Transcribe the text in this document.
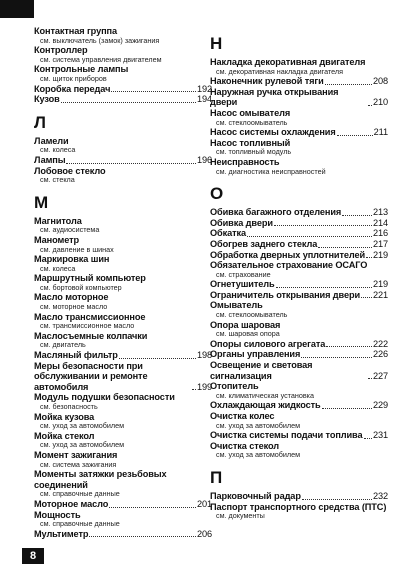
Контактная группа
см. выключатель (замок) зажигания
Контроллер
см. система управления двигателем
Контрольные лампы
см. щиток приборов
Коробка передач	192
Кузов	194
Л
Ламели
см. колеса
Лампы	196
Лобовое стекло
см. стекла
М
Магнитола
см. аудиосистема
Манометр
см. давление в шинах
Маркировка шин
см. колеса
Маршрутный компьютер
см. бортовой компьютер
Масло моторное
см. моторное масло
Масло трансмиссионное
см. трансмиссионное масло
Маслосъемные колпачки
см. двигатель
Масляный фильтр	198
Меры безопасности при обслуживании и ремонте автомобиля	199
Модуль подушки безопасности
см. безопасность
Мойка кузова
см. уход за автомобилем
Мойка стекол
см. уход за автомобилем
Момент зажигания
см. система зажигания
Моменты затяжки резьбовых соединений
см. справочные данные
Моторное масло	201
Мощность
см. справочные данные
Мультиметр	206
Н
Накладка декоративная двигателя
см. декоративная накладка двигателя
Наконечник рулевой тяги	208
Наружная ручка открывания двери	210
Насос омывателя
см. стеклоомыватель
Насос системы охлаждения	211
Насос топливный
см. топливный модуль
Неисправность
см. диагностика неисправностей
О
Обивка багажного отделения	213
Обивка двери	214
Обкатка	216
Обогрев заднего стекла	217
Обработка дверных уплотнителей 219
Обязательное страхование ОСАГО
см. страхование
Огнетушитель	219
Ограничитель открывания двери 221
Омыватель
см. стеклоомыватель
Опора шаровая
см. шаровая опора
Опоры силового агрегата	222
Органы управления	226
Освещение и световая сигнализация	227
Отопитель
см. климатическая установка
Охлаждающая жидкость	229
Очистка колес
см. уход за автомобилем
Очистка системы подачи топлива 231
Очистка стекол
см. уход за автомобилем
П
Парковочный радар	232
Паспорт транспортного средства (ПТС)
см. документы
8
